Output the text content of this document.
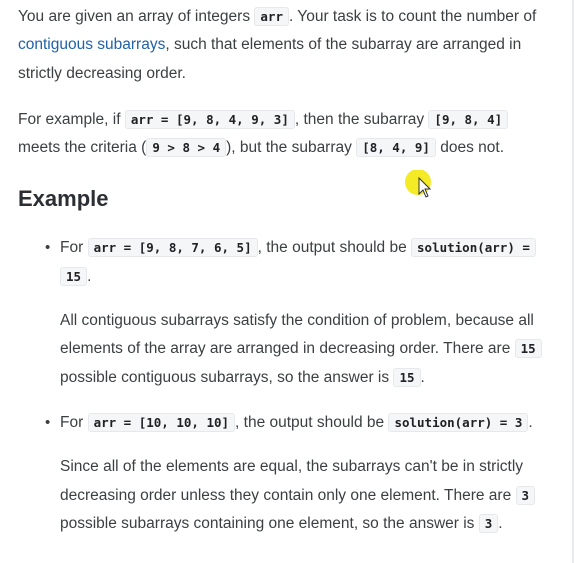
You are given an array of integers arr . Your task is to count the number of
contiguous subarrays, such that elements of the subarray are arranged in strictly decreasing order.

For example, if arr = [9, 8, 4, 9, 3] , then the subarray [9, 8, 4]
meets the criteria ( 9 > 8 > 4 ), but the subarray [8, 4, 9] does not.

Example
• For arr = [9, 8, 7, 6, 5] , the output should be solution(arr) =
15 .

All contiguous subarrays satisfy the condition of problem, because all elements of the array are arranged in decreasing order. There are 15 possible contiguous subarrays, so the answer is 15 .

• For arr = [10, 10, 10] , the output should be solution(arr) = 3 .

Since all of the elements are equal, the subarrays can't be in strictly decreasing order unless they contain only one element. There are 3 possible subarrays containing one element, so the answer is 3 .
